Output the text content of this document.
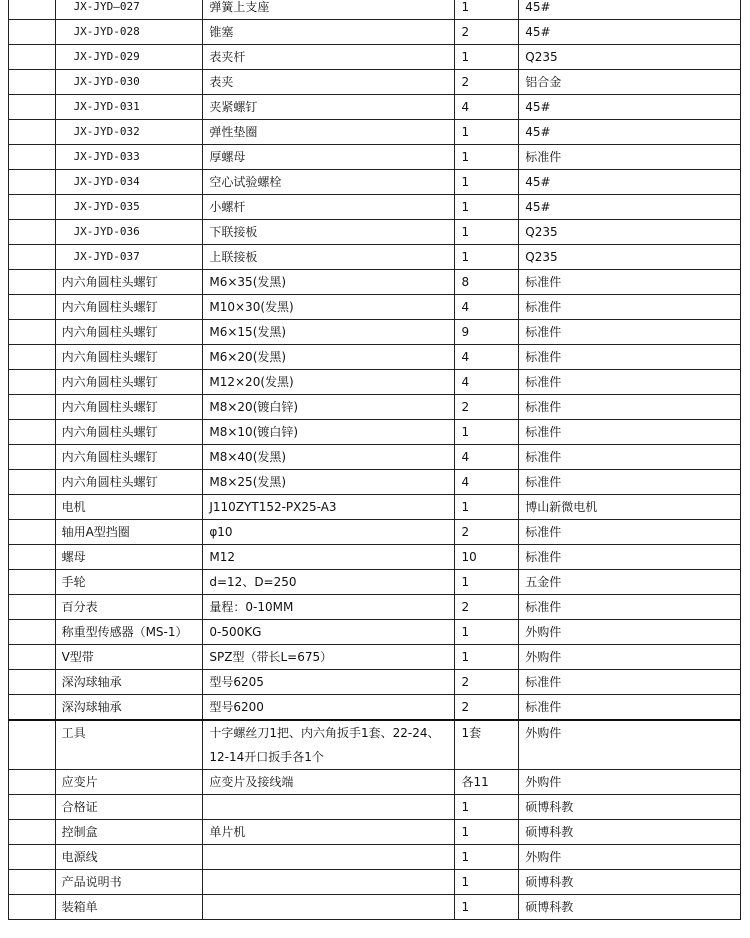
	JX-JYD—027	弹簧上支座	1	45#
	JX-JYD-028	锥塞	2	45#
	JX-JYD-029	表夹杆	1	Q235
	JX-JYD-030	表夹	2	铝合金
	JX-JYD-031	夹紧螺钉	4	45#
	JX-JYD-032	弹性垫圈	1	45#
	JX-JYD-033	厚螺母	1	标准件
	JX-JYD-034	空心试验螺栓	1	45#
	JX-JYD-035	小螺杆	1	45#
	JX-JYD-036	下联接板	1	Q235
	JX-JYD-037	上联接板	1	Q235
	内六角圆柱头螺钉	M6×35(发黑)	8	标准件
	内六角圆柱头螺钉	M10×30(发黑)	4	标准件
	内六角圆柱头螺钉	M6×15(发黑)	9	标准件
	内六角圆柱头螺钉	M6×20(发黑)	4	标准件
	内六角圆柱头螺钉	M12×20(发黑)	4	标准件
	内六角圆柱头螺钉	M8×20(镀白锌)	2	标准件
	内六角圆柱头螺钉	M8×10(镀白锌)	1	标准件
	内六角圆柱头螺钉	M8×40(发黑)	4	标准件
	内六角圆柱头螺钉	M8×25(发黑)	4	标准件
	电机	J110ZYT152-PX25-A3	1	博山新微电机
	轴用A型挡圈	φ10	2	标准件
	螺母	M12	10	标准件
	手轮	d=12、D=250	1	五金件
	百分表	量程：0-10MM	2	标准件
	称重型传感器（MS-1）	0-500KG	1	外购件
	V型带	SPZ型（带长L=675）	1	外购件
	深沟球轴承	型号6205	2	标准件
	深沟球轴承	型号6200	2	标准件
	工具	十字螺丝刀1把、内六角扳手1套、22-24、12-14开口扳手各1个	1套	外购件
	应变片	应变片及接线端	各11	外购件
	合格证		1	硕博科教
	控制盒	单片机	1	硕博科教
	电源线		1	外购件
	产品说明书		1	硕博科教
	装箱单		1	硕博科教
